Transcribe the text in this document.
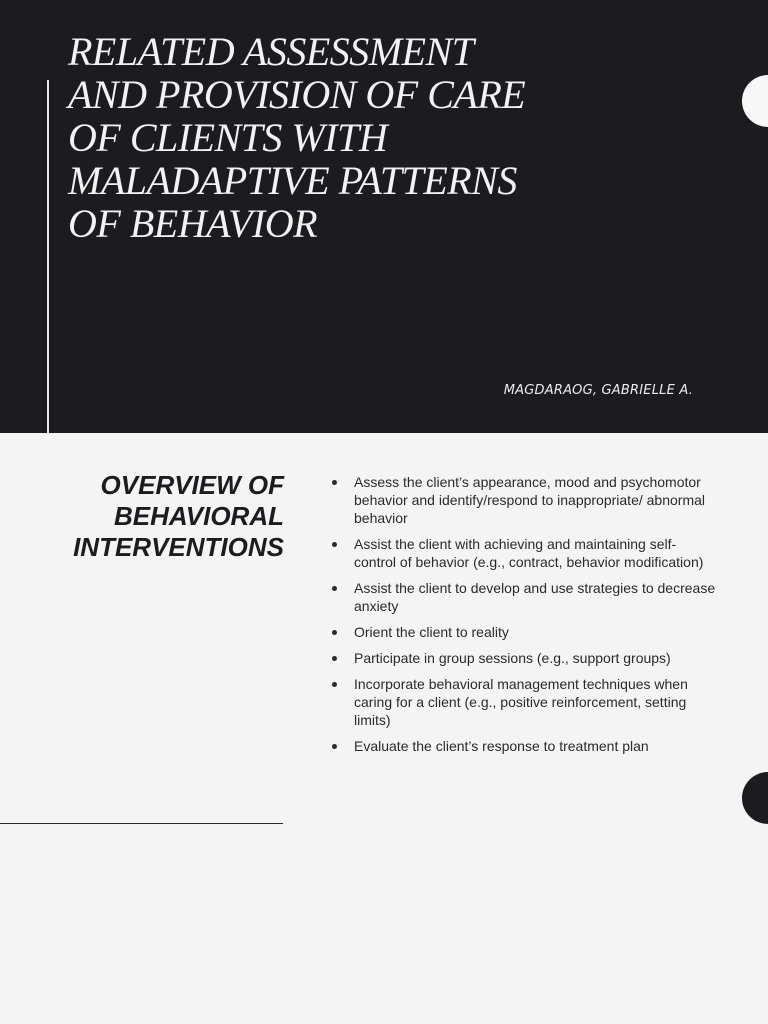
RELATED ASSESSMENT AND PROVISION OF CARE OF CLIENTS WITH MALADAPTIVE PATTERNS OF BEHAVIOR
MAGDARAOG, GABRIELLE A.
OVERVIEW OF BEHAVIORAL INTERVENTIONS
Assess the client’s appearance, mood and psychomotor behavior and identify/respond to inappropriate/ abnormal behavior
Assist the client with achieving and maintaining self-control of behavior (e.g., contract, behavior modification)
Assist the client to develop and use strategies to decrease anxiety
Orient the client to reality
Participate in group sessions (e.g., support groups)
Incorporate behavioral management techniques when caring for a client (e.g., positive reinforcement, setting limits)
Evaluate the client’s response to treatment plan
